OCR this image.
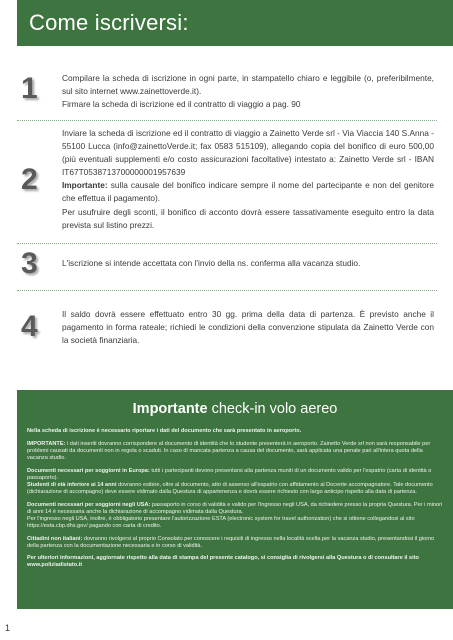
Come iscriversi:
1	Compilare la scheda di iscrizione in ogni parte, in stampatello chiaro e leggibile (o, preferibilmente, sul sito internet www.zainettoverde.it).

Firmare la scheda di iscrizione ed il contratto di viaggio a pag. 90

2

Inviare la scheda di iscrizione ed il contratto di viaggio a Zainetto Verde srl - Via Viaccia 140 S.Anna - 55100 Lucca (info@zainettoVerde.it; fax 0583 515109), allegando copia del bonifico di euro 500,00 (più eventuali supplementi e/o costo assicurazioni facoltative) intestato a: Zainetto Verde srl - IBAN IT67T0538713700000001957639

Importante: sulla causale del bonifico indicare sempre il nome del partecipante e non del genitore che effettua il pagamento).

Per usufruire degli sconti, il bonifico di acconto dovrà essere tassativamente eseguito entro la data prevista sul listino prezzi.

3	L'iscrizione si intende accettata con l'invio della ns. conferma alla vacanza studio.

4	Il saldo dovrà essere effettuato entro 30 gg. prima della data di partenza. È previsto anche il pagamento in forma rateale; richiedi le condizioni della convenzione stipulata da Zainetto Verde con la società finanziaria.

Importante check-in volo aereo

Nella scheda di iscrizione è necessario riportare i dati del documento che sarà presentato in aeroporto.

IMPORTANTE: i dati inseriti dovranno corrispondere al documento di identità che lo studente presenterà in aeroporto. Zainetto Verde srl non sarà responsabile per problemi causati da documenti non in regola o scaduti. In caso di mancata partenza a causa del documento, sarà applicata una penale pari all'intera quota della vacanza studio.

Documenti necessari per soggiorni in Europa: tutti i partecipanti devono presentarsi alla partenza muniti di un documento valido per l'espatrio (carta di identità o passaporto).
Studenti di età inferiore ai 14 anni dovranno esibire, oltre al documento, atto di assenso all'espatrio con affidamento al Docente accompagnatore. Tale documento (dichiarazione di accompagno) deve essere vidimato dalla Questura di appartenenza e dovrà essere richiesto con largo anticipo rispetto alla data di partenza.

Documenti necessari per soggiorni negli USA: passaporto in corso di validità e valido per l'ingresso negli USA, da richiedere presso la propria Questura. Per i minori di anni 14 è necessaria anche la dichiarazione di accompagno vidimata dalla Questura.
Per l'ingresso negli USA, inoltre, è obbligatorio presentare l'autorizzazione ESTA (electronic system for travel authorization) che si ottiene collegandosi al sito https://esta.cbp.dhs.gov/ pagando con carta di credito.

Cittadini non italiani: dovranno rivolgersi al proprio Consolato per conoscere i requisiti di ingresso nella località scelta per la vacanza studio, presentandosi il giorno della partenza con la documentazione necessaria e in corso di validità.

Per ulteriori informazioni, aggiornate rispetto alla data di stampa del presente catalogo, si consiglia di rivolgersi alla Questura o di consultare il sito www.poliziadistato.it

1
